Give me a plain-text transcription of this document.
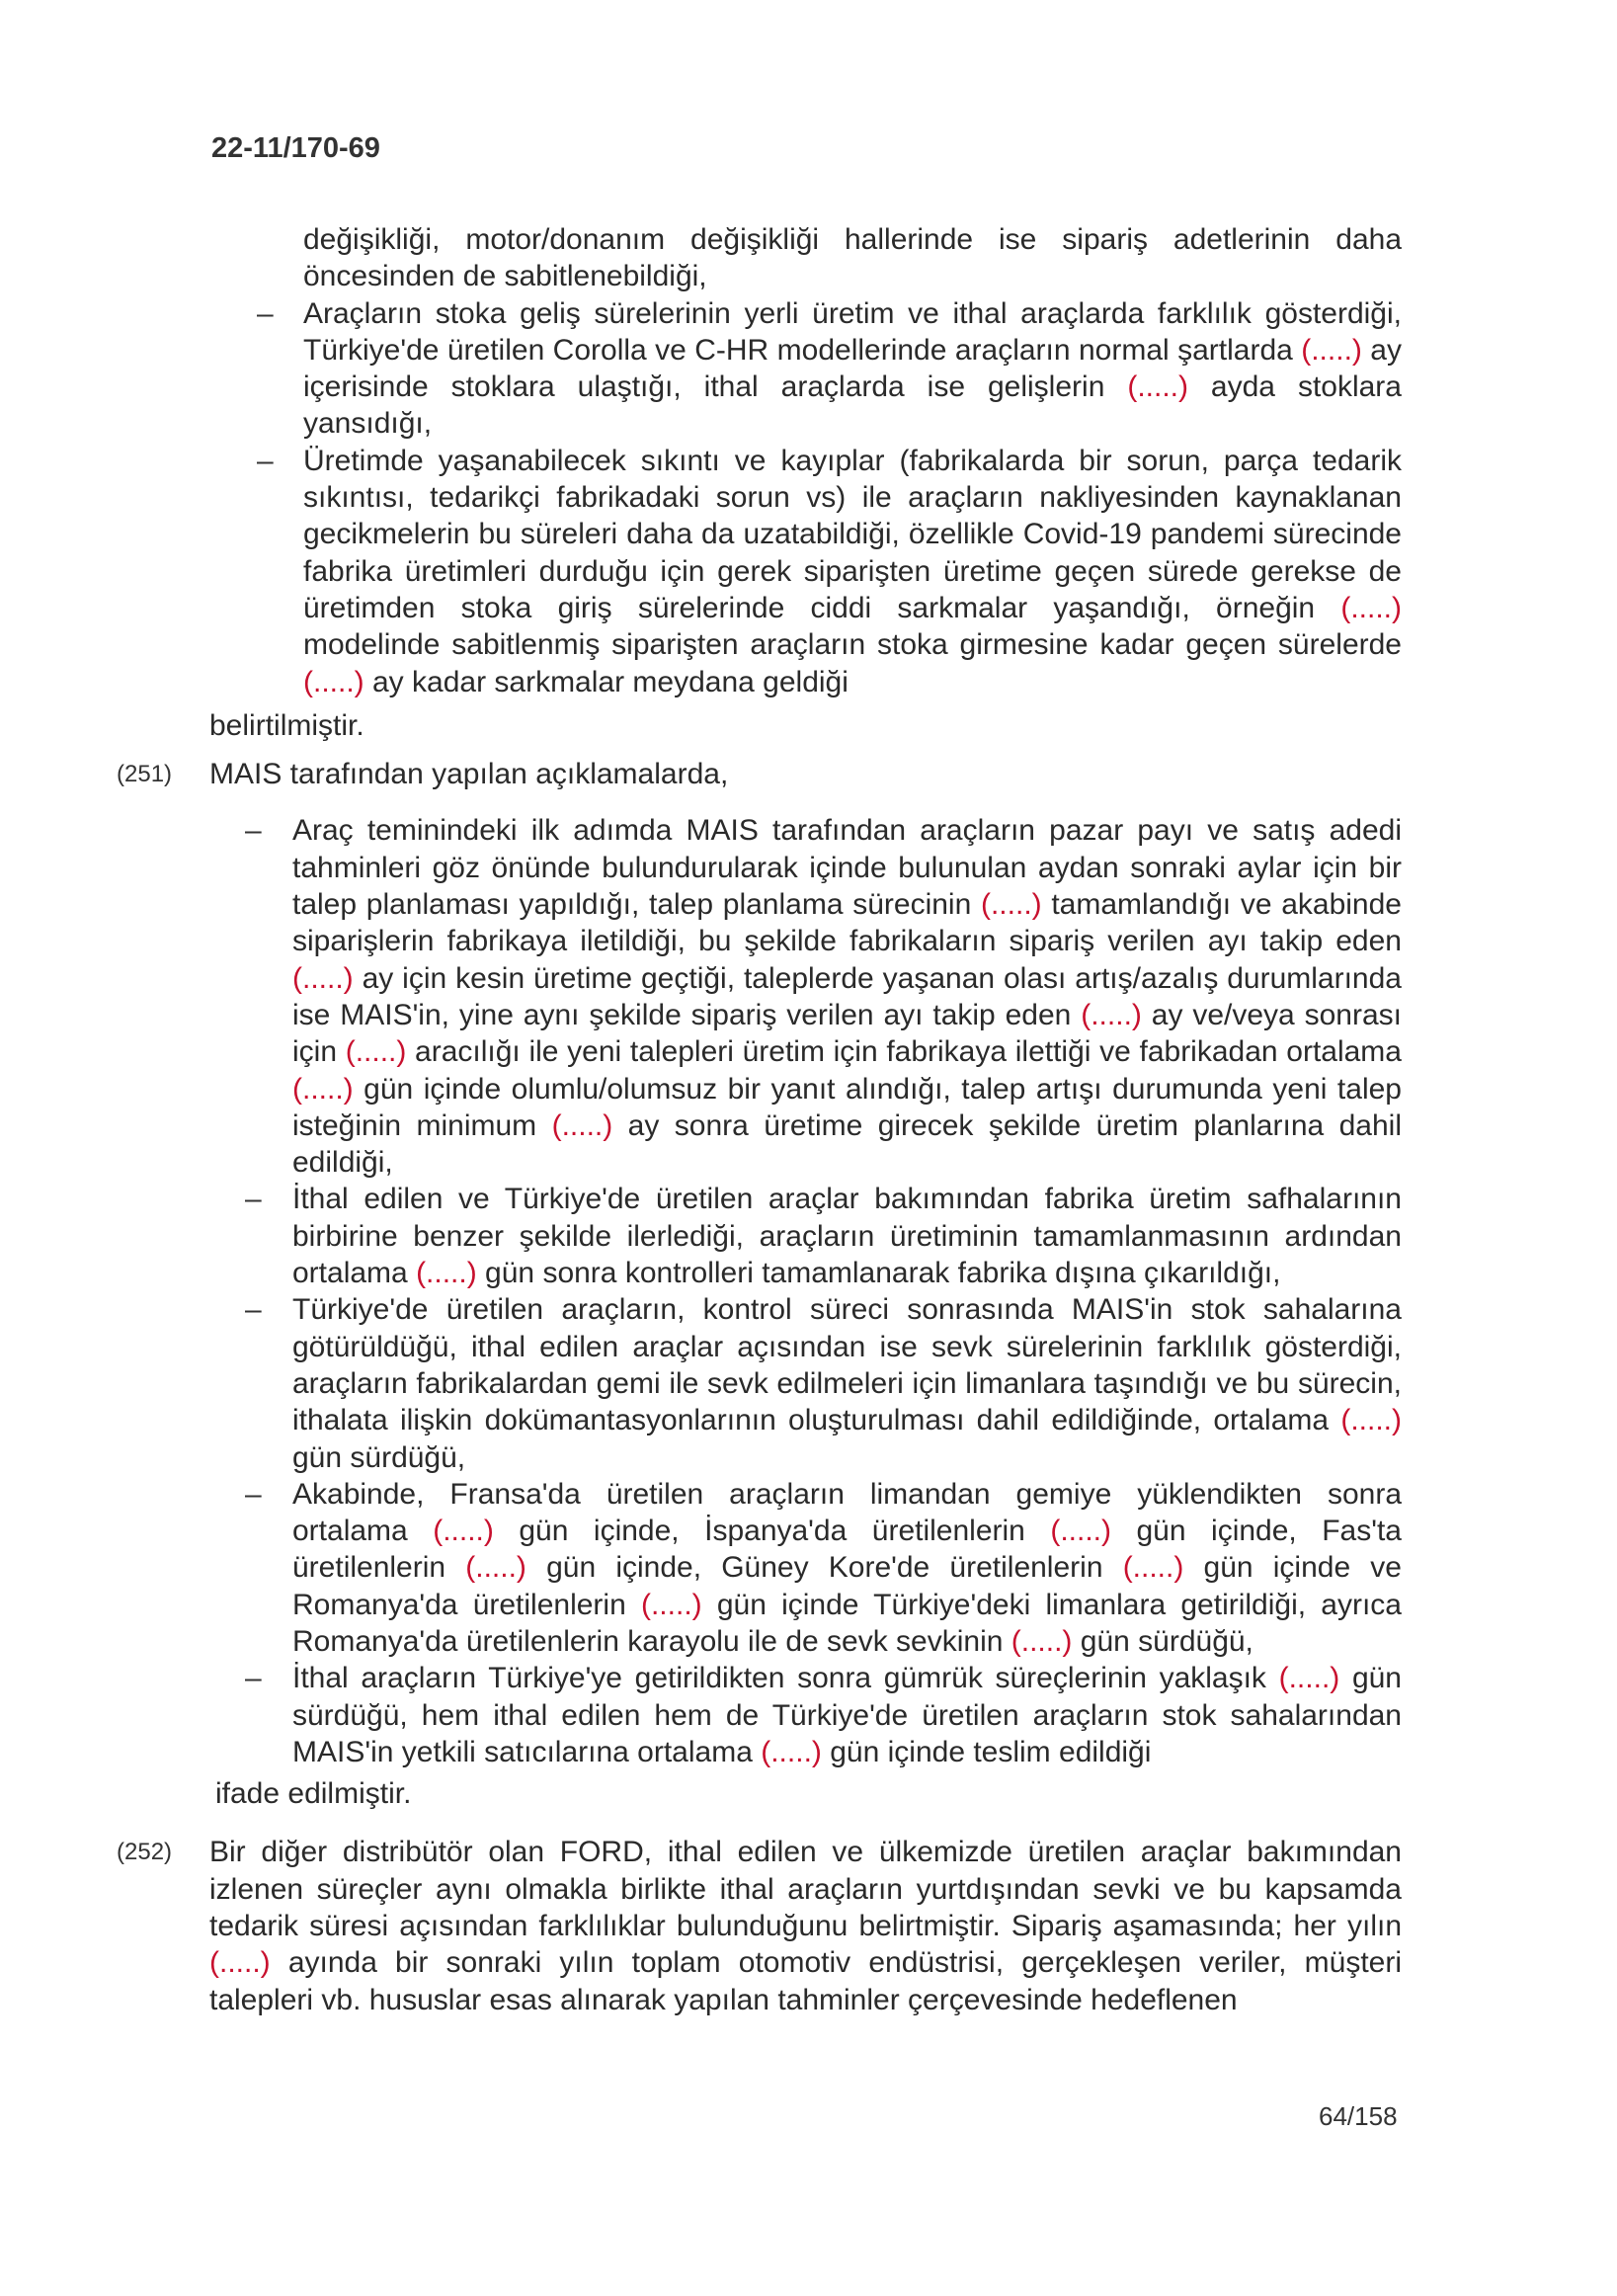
22-11/170-69

değişikliği, motor/donanım değişikliği hallerinde ise sipariş adetlerinin daha öncesinden de sabitlenebildiği,

– Araçların stoka geliş sürelerinin yerli üretim ve ithal araçlarda farklılık gösterdiği, Türkiye'de üretilen Corolla ve C-HR modellerinde araçların normal şartlarda (.....) ay içerisinde stoklara ulaştığı, ithal araçlarda ise gelişlerin (.....) ayda stoklara yansıdığı,

– Üretimde yaşanabilecek sıkıntı ve kayıplar (fabrikalarda bir sorun, parça tedarik sıkıntısı, tedarikçi fabrikadaki sorun vs) ile araçların nakliyesinden kaynaklanan gecikmelerin bu süreleri daha da uzatabildiği, özellikle Covid-19 pandemi sürecinde fabrika üretimleri durduğu için gerek siparişten üretime geçen sürede gerekse de üretimden stoka giriş sürelerinde ciddi sarkmalar yaşandığı, örneğin (.....) modelinde sabitlenmiş siparişten araçların stoka girmesine kadar geçen sürelerde (.....) ay kadar sarkmalar meydana geldiği

belirtilmiştir.

(251) MAIS tarafından yapılan açıklamalarda,
– Araç teminindeki ilk adımda MAIS tarafından araçların pazar payı ve satış adedi tahminleri göz önünde bulundurularak içinde bulunulan aydan sonraki aylar için bir talep planlaması yapıldığı, talep planlama sürecinin (.....) tamamlandığı ve akabinde siparişlerin fabrikaya iletildiği, bu şekilde fabrikaların sipariş verilen ayı takip eden (.....) ay için kesin üretime geçtiği, taleplerde yaşanan olası artış/azalış durumlarında ise MAIS'in, yine aynı şekilde sipariş verilen ayı takip eden (.....) ay ve/veya sonrası için (.....) aracılığı ile yeni talepleri üretim için fabrikaya ilettiği ve fabrikadan ortalama (.....) gün içinde olumlu/olumsuz bir yanıt alındığı, talep artışı durumunda yeni talep isteğinin minimum (.....) ay sonra üretime girecek şekilde üretim planlarına dahil edildiği,

– İthal edilen ve Türkiye'de üretilen araçlar bakımından fabrika üretim safhalarının birbirine benzer şekilde ilerlediği, araçların üretiminin tamamlanmasının ardından ortalama (.....) gün sonra kontrolleri tamamlanarak fabrika dışına çıkarıldığı,

– Türkiye'de üretilen araçların, kontrol süreci sonrasında MAIS'in stok sahalarına götürüldüğü, ithal edilen araçlar açısından ise sevk sürelerinin farklılık gösterdiği, araçların fabrikalardan gemi ile sevk edilmeleri için limanlara taşındığı ve bu sürecin, ithalata ilişkin dokümantasyonlarının oluşturulması dahil edildiğinde, ortalama (.....) gün sürdüğü,

– Akabinde, Fransa'da üretilen araçların limandan gemiye yüklendikten sonra ortalama (.....) gün içinde, İspanya'da üretilenlerin (.....) gün içinde, Fas'ta üretilenlerin (.....) gün içinde, Güney Kore'de üretilenlerin (.....) gün içinde ve Romanya'da üretilenlerin (.....) gün içinde Türkiye'deki limanlara getirildiği, ayrıca Romanya'da üretilenlerin karayolu ile de sevk sevkinin (.....) gün sürdüğü,

– İthal araçların Türkiye'ye getirildikten sonra gümrük süreçlerinin yaklaşık (.....) gün sürdüğü, hem ithal edilen hem de Türkiye'de üretilen araçların stok sahalarından MAIS'in yetkili satıcılarına ortalama (.....) gün içinde teslim edildiği

ifade edilmiştir.

(252) Bir diğer distribütör olan FORD, ithal edilen ve ülkemizde üretilen araçlar bakımından izlenen süreçler aynı olmakla birlikte ithal araçların yurtdışından sevki ve bu kapsamda tedarik süresi açısından farklılıklar bulunduğunu belirtmiştir. Sipariş aşamasında; her yılın (.....) ayında bir sonraki yılın toplam otomotiv endüstrisi, gerçekleşen veriler, müşteri talepleri vb. hususlar esas alınarak yapılan tahminler çerçevesinde hedeflenen

64/158
